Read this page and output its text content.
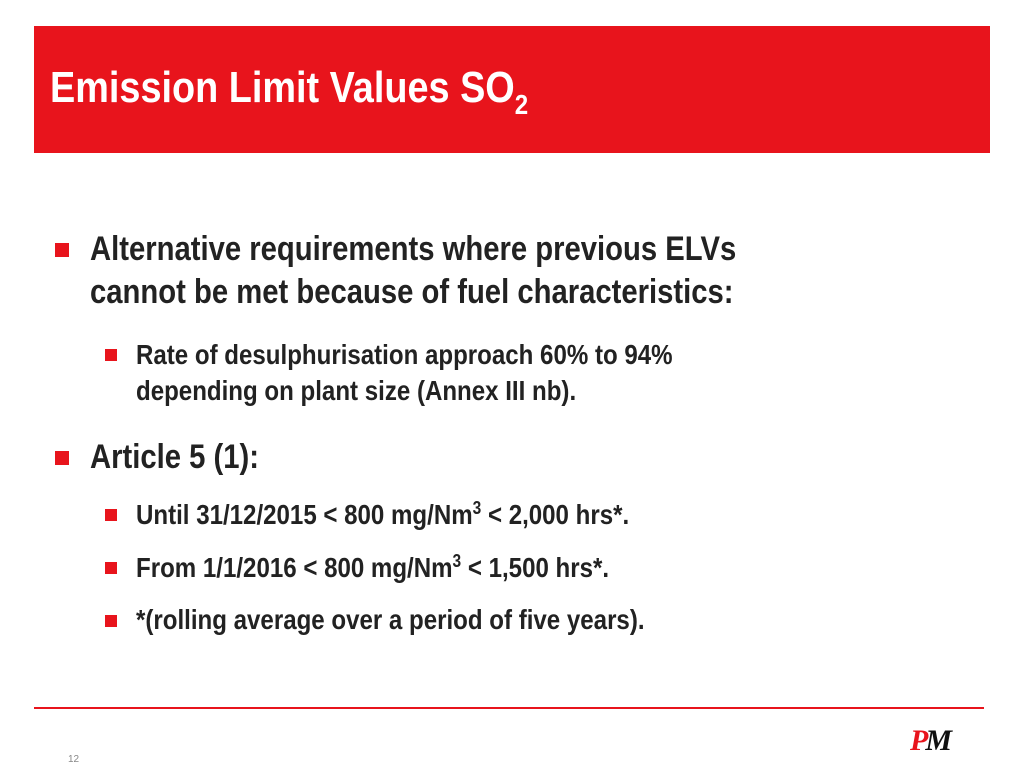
Emission Limit Values $SO_2$
Alternative requirements where previous ELVs
cannot be met because of fuel characteristics:
Rate of desulphurisation approach 60% to 94%
depending on plant size (Annex III nb).
Article 5 (1):
Until 31/12/2015 < 800 $mg/Nm^3 < 2,000$ hrs*.
From 1/1/2016 < 800 $mg/Nm^3 < 1,500$ hrs*.
*(rolling average over a period of five years).
12
PM
